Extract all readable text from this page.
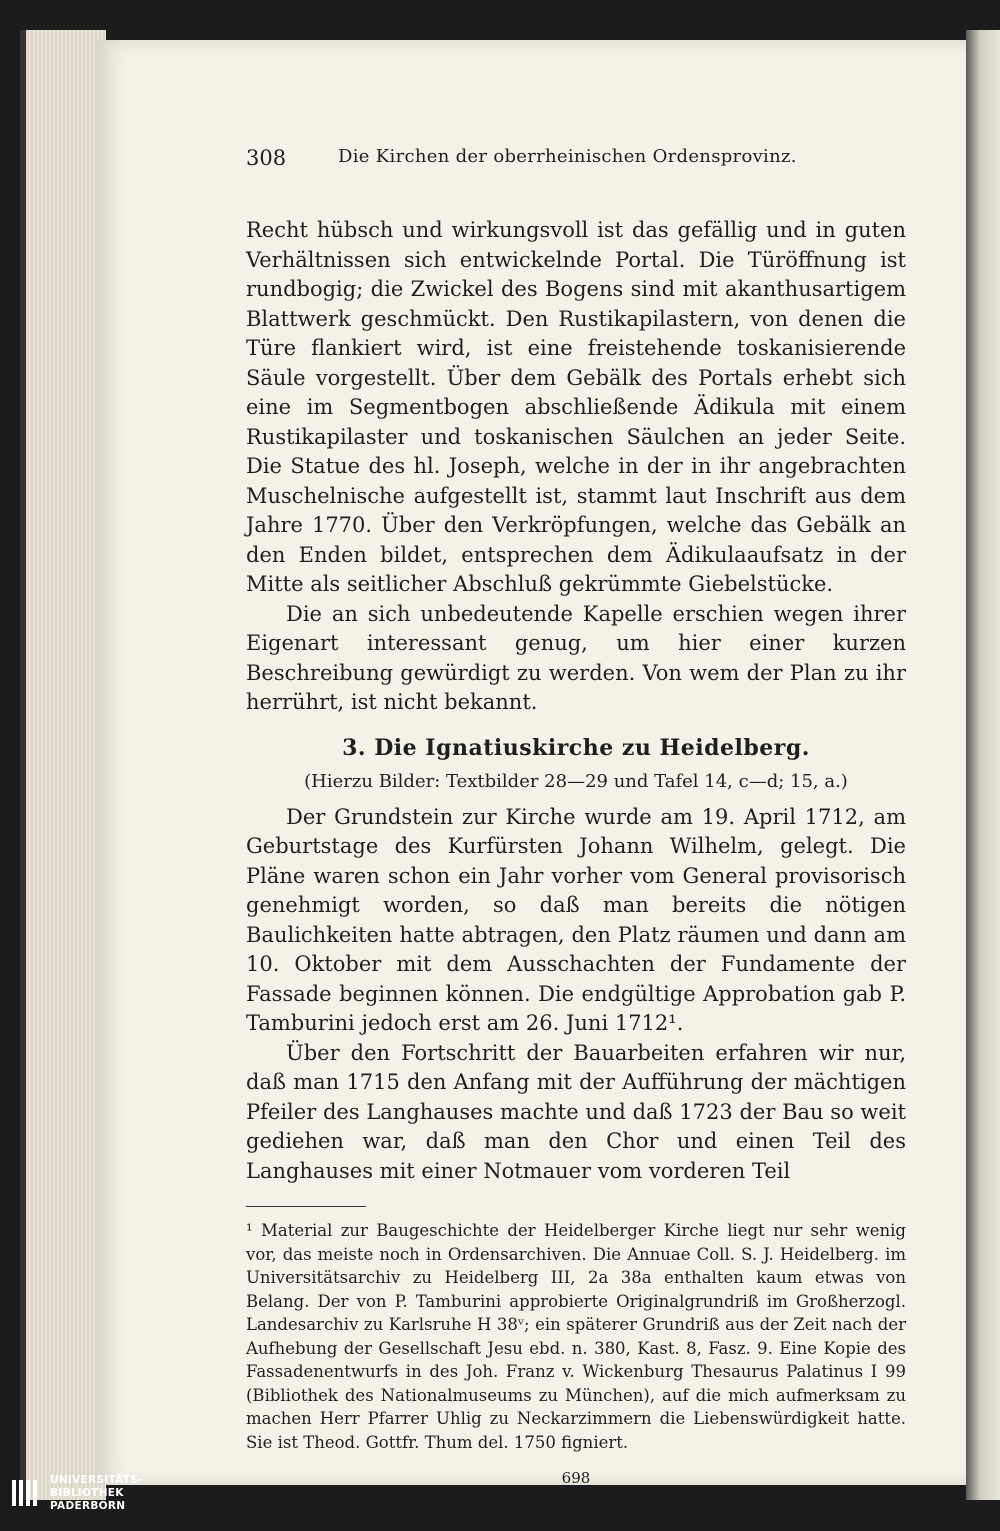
308	Die Kirchen der oberrheinischen Ordensprovinz.

Recht hübsch und wirkungsvoll ist das gefällig und in guten Verhältnissen sich entwickelnde Portal. Die Türöffnung ist rundbogig; die Zwickel des Bogens sind mit akanthusartigem Blattwerk geschmückt. Den Rustikapilastern, von denen die Türe flankiert wird, ist eine freistehende toskanisierende Säule vorgestellt. Über dem Gebälk des Portals erhebt sich eine im Segmentbogen abschließende Ädikula mit einem Rustikapilaster und toskanischen Säulchen an jeder Seite. Die Statue des hl. Joseph, welche in der in ihr angebrachten Muschelnische aufgestellt ist, stammt laut Inschrift aus dem Jahre 1770. Über den Verkröpfungen, welche das Gebälk an den Enden bildet, entsprechen dem Ädikulaaufsatz in der Mitte als seitlicher Abschluß gekrümmte Giebelstücke.

Die an sich unbedeutende Kapelle erschien wegen ihrer Eigenart interessant genug, um hier einer kurzen Beschreibung gewürdigt zu werden. Von wem der Plan zu ihr herrührt, ist nicht bekannt.

3. Die Ignatiuskirche zu Heidelberg.
(Hierzu Bilder: Textbilder 28—29 und Tafel 14, c—d; 15, a.)

Der Grundstein zur Kirche wurde am 19. April 1712, am Geburtstage des Kurfürsten Johann Wilhelm, gelegt. Die Pläne waren schon ein Jahr vorher vom General provisorisch genehmigt worden, so daß man bereits die nötigen Baulichkeiten hatte abtragen, den Platz räumen und dann am 10. Oktober mit dem Ausschachten der Fundamente der Fassade beginnen können. Die endgültige Approbation gab P. Tamburini jedoch erst am 26. Juni 1712¹.

Über den Fortschritt der Bauarbeiten erfahren wir nur, daß man 1715 den Anfang mit der Aufführung der mächtigen Pfeiler des Langhauses machte und daß 1723 der Bau so weit gediehen war, daß man den Chor und einen Teil des Langhauses mit einer Notmauer vom vorderen Teil

¹ Material zur Baugeschichte der Heidelberger Kirche liegt nur sehr wenig vor, das meiste noch in Ordensarchiven. Die Annuae Coll. S. J. Heidelberg. im Universitätsarchiv zu Heidelberg III, 2a 38a enthalten kaum etwas von Belang. Der von P. Tamburini approbierte Originalgrundriß im Großherzogl. Landesarchiv zu Karlsruhe H 38ᵛ; ein späterer Grundriß aus der Zeit nach der Aufhebung der Gesellschaft Jesu ebd. n. 380, Kast. 8, Fasz. 9. Eine Kopie des Fassadenentwurfs in des Joh. Franz v. Wickenburg Thesaurus Palatinus I 99 (Bibliothek des Nationalmuseums zu München), auf die mich aufmerksam zu machen Herr Pfarrer Uhlig zu Neckarzimmern die Liebenswürdigkeit hatte. Sie ist Theod. Gottfr. Thum del. 1750 figniert.

698
UNIVERSITÄTS-
BIBLIOTHEK
PADERBORN
